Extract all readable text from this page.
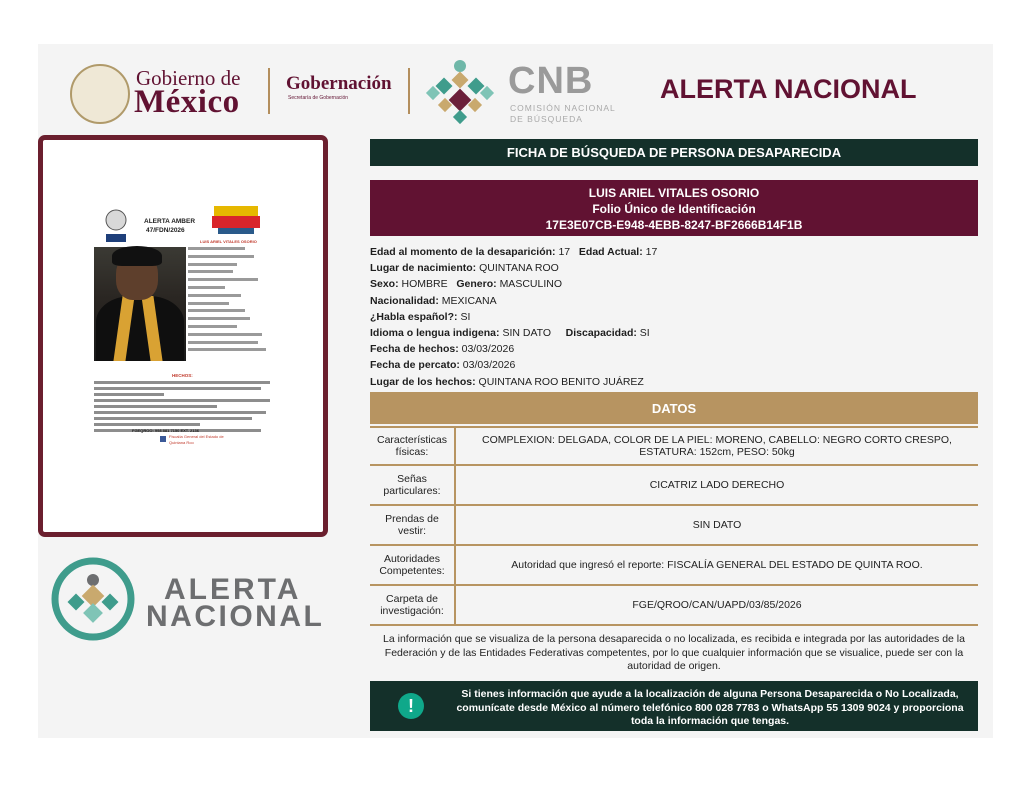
Gobierno de
México
Gobernación
Secretaría de Gobernación	CNB
COMISIÓN NACIONAL
DE BÚSQUEDA
ALERTA NACIONAL
ALERTA AMBER
47/FDN/2026
LUIS ARIEL VITALES OSORIO
HECHOS:
FGEQROO: 998 881 7150 EXT. 2136
Fiscalía General del Estado de
Quintana Roo
ALERTA
NACIONAL
FICHA DE BÚSQUEDA DE PERSONA DESAPARECIDA
LUIS ARIEL VITALES OSORIO
Folio Único de Identificación
17E3E07CB-E948-4EBB-8247-BF2666B14F1B
Edad al momento de la desaparición: 17 Edad Actual: 17
Lugar de nacimiento: QUINTANA ROO
Sexo: HOMBRE Genero: MASCULINO
Nacionalidad: MEXICANA
¿Habla español?: SI
Idioma o lengua indigena: SIN DATO Discapacidad: SI
Fecha de hechos: 03/03/2026
Fecha de percato: 03/03/2026
Lugar de los hechos: QUINTANA ROO BENITO JUÁREZ
DATOS
Características
físicas:	COMPLEXION: DELGADA, COLOR DE LA PIEL: MORENO, CABELLO: NEGRO CORTO CRESPO,
ESTATURA: 152cm, PESO: 50kg
Señas
particulares:	CICATRIZ LADO DERECHO
Prendas de
vestir:	SIN DATO
Autoridades
Competentes:	Autoridad que ingresó el reporte: FISCALÍA GENERAL DEL ESTADO DE QUINTA ROO.
Carpeta de
investigación:	FGE/QROO/CAN/UAPD/03/85/2026
La información que se visualiza de la persona desaparecida o no localizada, es recibida e integrada por las autoridades de la Federación y de las Entidades Federativas competentes, por lo que cualquier información que se visualice, puede ser con la autoridad de origen.
!
Si tienes información que ayude a la localización de alguna Persona Desaparecida o No Localizada, comunícate desde México al número telefónico 800 028 7783 o WhatsApp 55 1309 9024 y proporciona toda la información que tengas.
